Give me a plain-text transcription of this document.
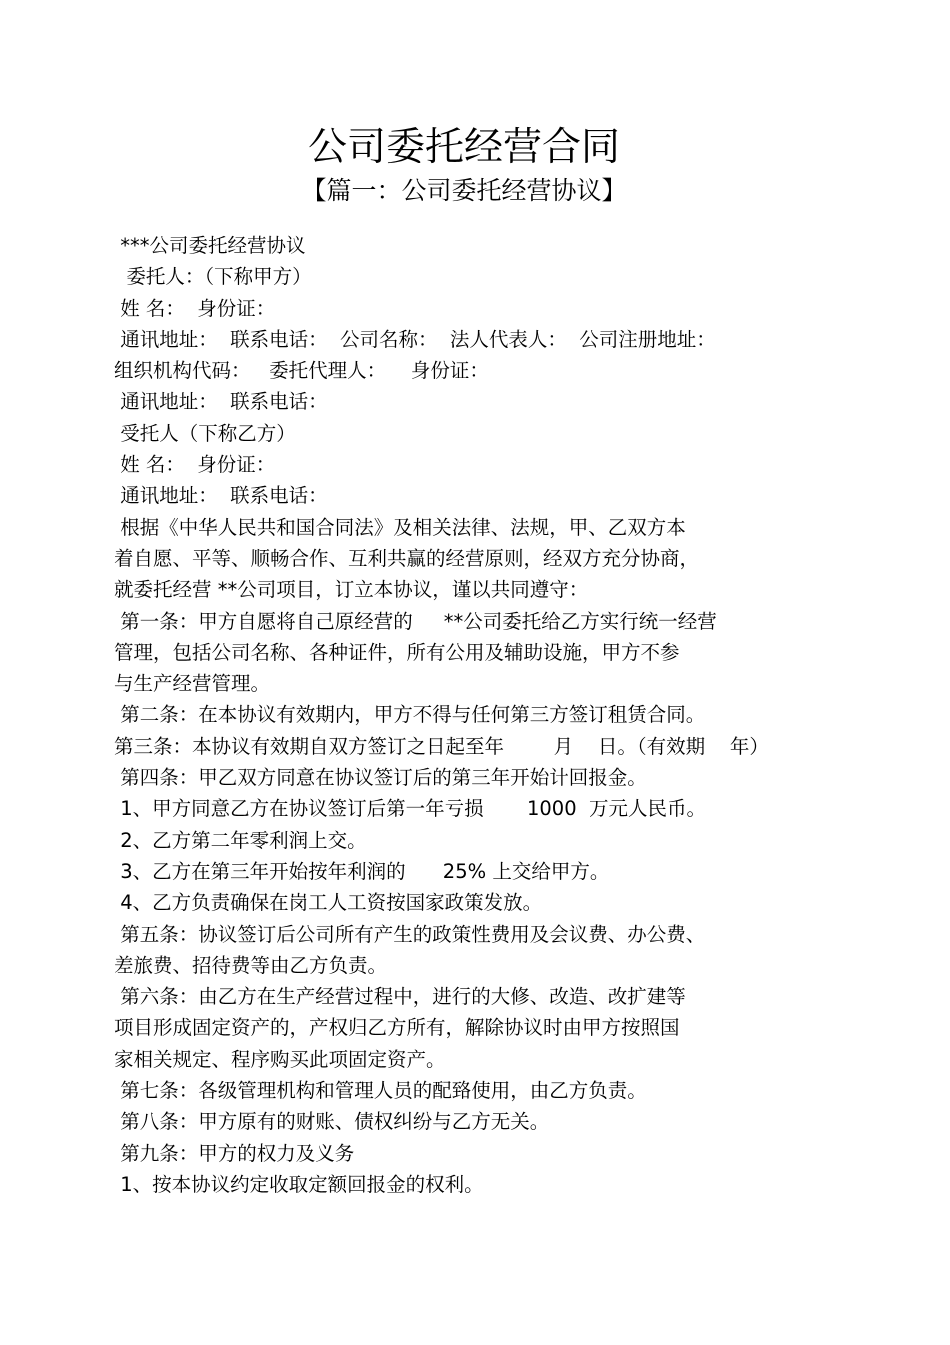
公司委托经营合同
【篇一：公司委托经营协议】
***公司委托经营协议
委托人：（下称甲方）
姓 名：  身份证：
通讯地址：  联系电话：  公司名称：  法人代表人：  公司注册地址：
组织机构代码：   委托代理人：    身份证：
通讯地址：  联系电话：
受托人（下称乙方）
姓 名：  身份证：
通讯地址：  联系电话：
根据《中华人民共和国合同法》及相关法律、法规，甲、乙双方本
着自愿、平等、顺畅合作、互利共赢的经营原则，经双方充分协商，
就委托经营 **公司项目，订立本协议，谨以共同遵守：
第一条：甲方自愿将自己原经营的     **公司委托给乙方实行统一经营
管理，包括公司名称、各种证件，所有公用及辅助设施，甲方不参
与生产经营管理。
第二条：在本协议有效期内，甲方不得与任何第三方签订租赁合同。
第三条：本协议有效期自双方签订之日起至年        月    日。（有效期    年）
第四条：甲乙双方同意在协议签订后的第三年开始计回报金。
1、甲方同意乙方在协议签订后第一年亏损       1000  万元人民币。
2、乙方第二年零利润上交。
3、乙方在第三年开始按年利润的      25% 上交给甲方。
4、乙方负责确保在岗工人工资按国家政策发放。
第五条：协议签订后公司所有产生的政策性费用及会议费、办公费、
差旅费、招待费等由乙方负责。
第六条：由乙方在生产经营过程中，进行的大修、改造、改扩建等
项目形成固定资产的，产权归乙方所有，解除协议时由甲方按照国
家相关规定、程序购买此项固定资产。
第七条：各级管理机构和管理人员的配臵使用，由乙方负责。
第八条：甲方原有的财账、债权纠纷与乙方无关。
第九条：甲方的权力及义务
1、按本协议约定收取定额回报金的权利。
